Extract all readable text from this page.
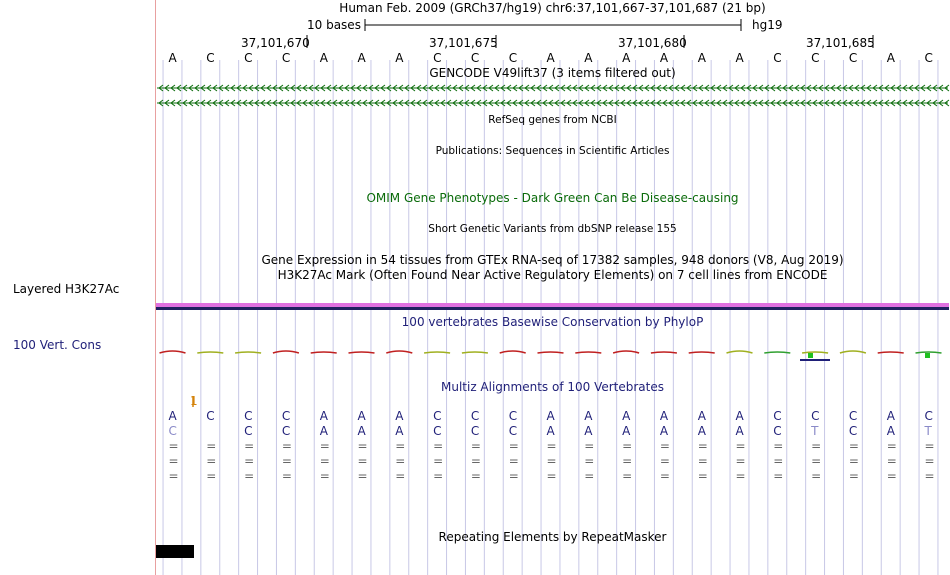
Layered H3K27Ac
100 Vert. Cons
Human Feb. 2009 (GRCh37/hg19) chr6:37,101,667-37,101,687 (21 bp)
10 bases	hg19
37,101,670	37,101,675	37,101,680	37,101,685
A C C C A A A C C C A A A A A A C C C A C
GENCODE V49lift37 (3 items filtered out)
RefSeq genes from NCBI
Publications: Sequences in Scientific Articles
OMIM Gene Phenotypes - Dark Green Can Be Disease-causing
Short Genetic Variants from dbSNP release 155
Gene Expression in 54 tissues from GTEx RNA-seq of 17382 samples, 948 donors (V8, Aug 2019)
H3K27Ac Mark (Often Found Near Active Regulatory Elements) on 7 cell lines from ENCODE
100 vertebrates Basewise Conservation by PhyloP
Multiz Alignments of 100 Vertebrates
1
A C C C A A A C C C A A A A A A C C C A C
C	C C A A A C C C A A A A A A C T	C A T
= = = = = = = = = = = = = = = = = = = = =
= = = = = = = = = = = = = = = = = = = = =
= = = = = = = = = = = = = = = = = = = = =
Repeating Elements by RepeatMasker
